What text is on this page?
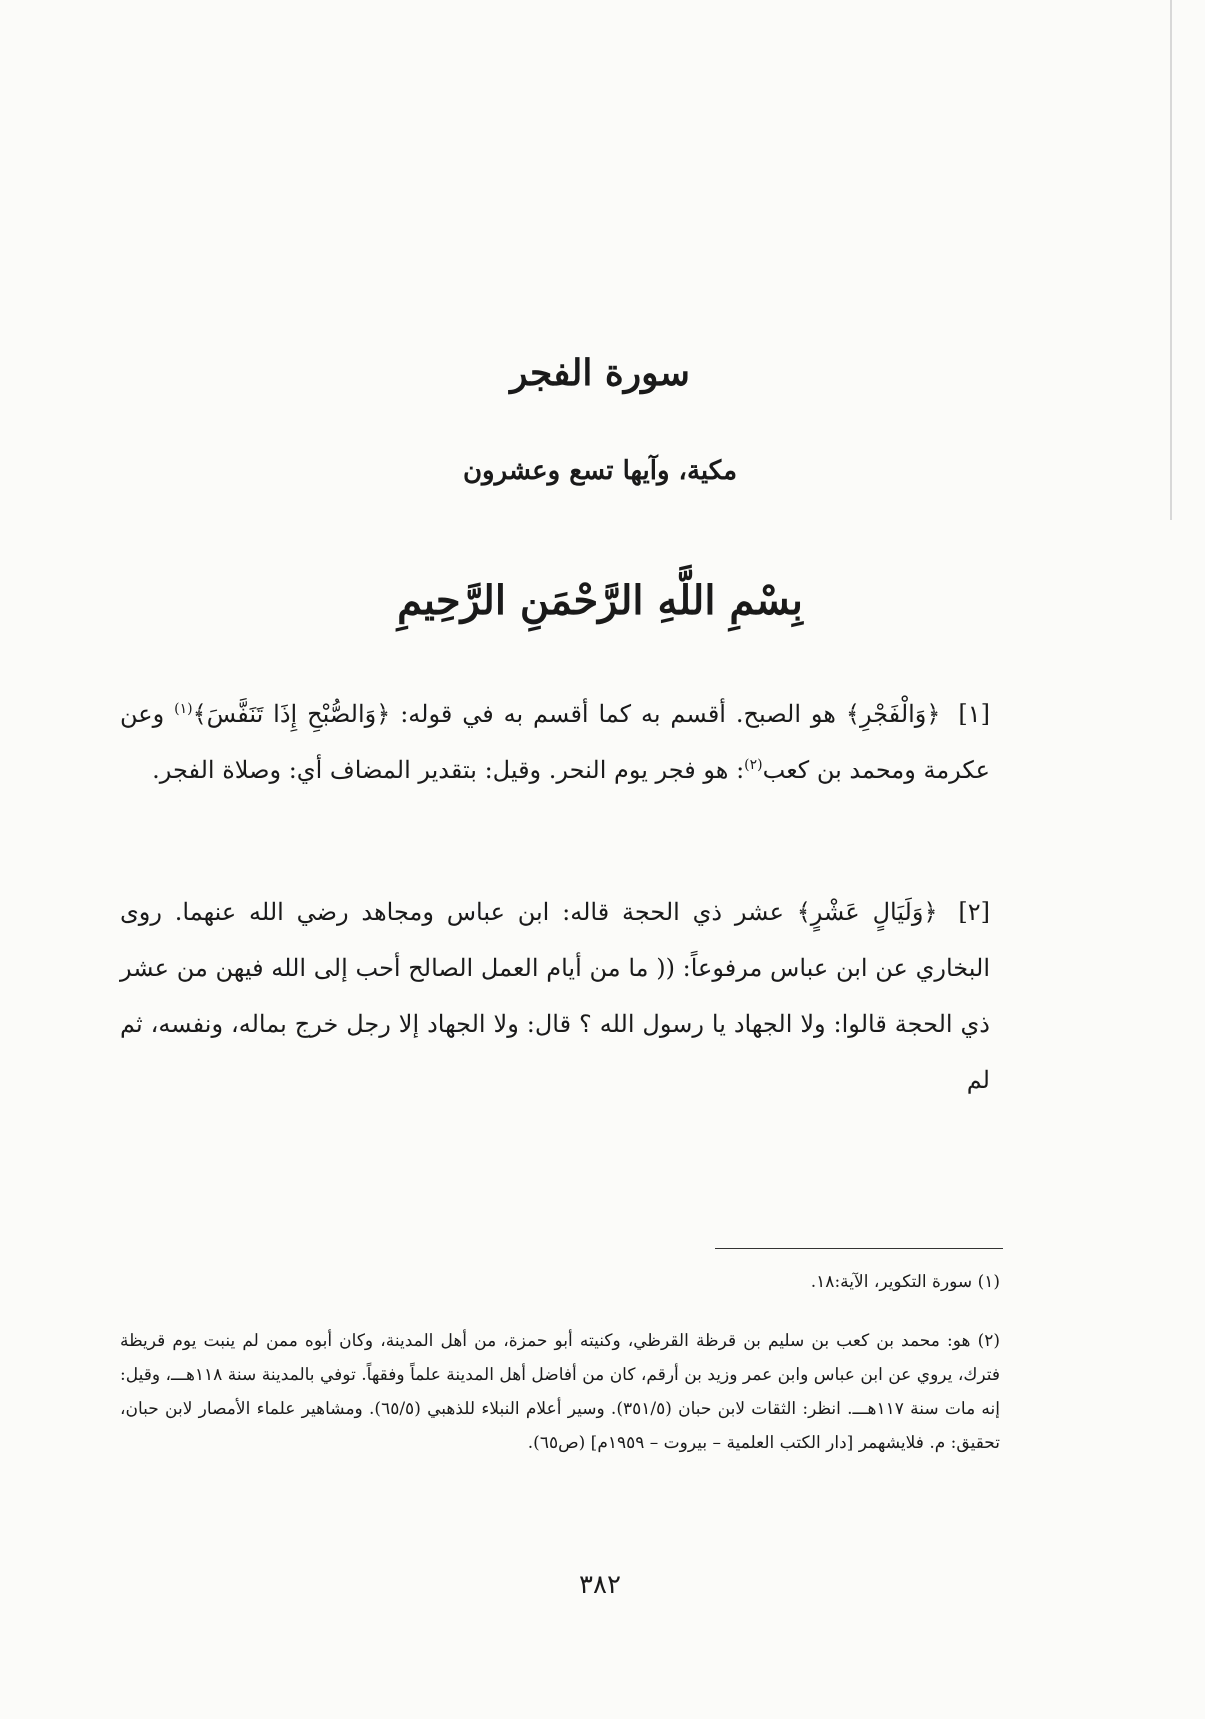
سورة الفجر
مكية، وآيها تسع وعشرون
بِسْمِ اللَّهِ الرَّحْمَنِ الرَّحِيمِ
[١] ﴿وَالْفَجْرِ﴾ هو الصبح. أقسم به كما أقسم به في قوله: ﴿وَالصُّبْحِ إِذَا تَنَفَّسَ﴾$^{(١)}$ وعن عكرمة ومحمد بن كعب$^{(٢)}$: هو فجر يوم النحر. وقيل: بتقدير المضاف أي: وصلاة الفجر.
[٢] ﴿وَلَيَالٍ عَشْرٍ﴾ عشر ذي الحجة قاله: ابن عباس ومجاهد رضي الله عنهما. روى البخاري عن ابن عباس مرفوعاً: (( ما من أيام العمل الصالح أحب إلى الله فيهن من عشر ذي الحجة قالوا: ولا الجهاد يا رسول الله ؟ قال: ولا الجهاد إلا رجل خرج بماله، ونفسه، ثم لم
(١) سورة التكوير، الآية:١٨.
(٢) هو: محمد بن كعب بن سليم بن قرظة القرظي، وكنيته أبو حمزة، من أهل المدينة، وكان أبوه ممن لم ينبت يوم قريظة فترك، يروي عن ابن عباس وابن عمر وزيد بن أرقم، كان من أفاضل أهل المدينة علماً وفقهاً. توفي بالمدينة سنة ١١٨هـــ، وقيل: إنه مات سنة ١١٧هـــ. انظر: الثقات لابن حبان (٣٥١/٥). وسير أعلام النبلاء للذهبي (٦٥/٥). ومشاهير علماء الأمصار لابن حبان، تحقيق: م. فلايشهمر [دار الكتب العلمية – بيروت – ١٩٥٩م] (ص٦٥).
٣٨٢
